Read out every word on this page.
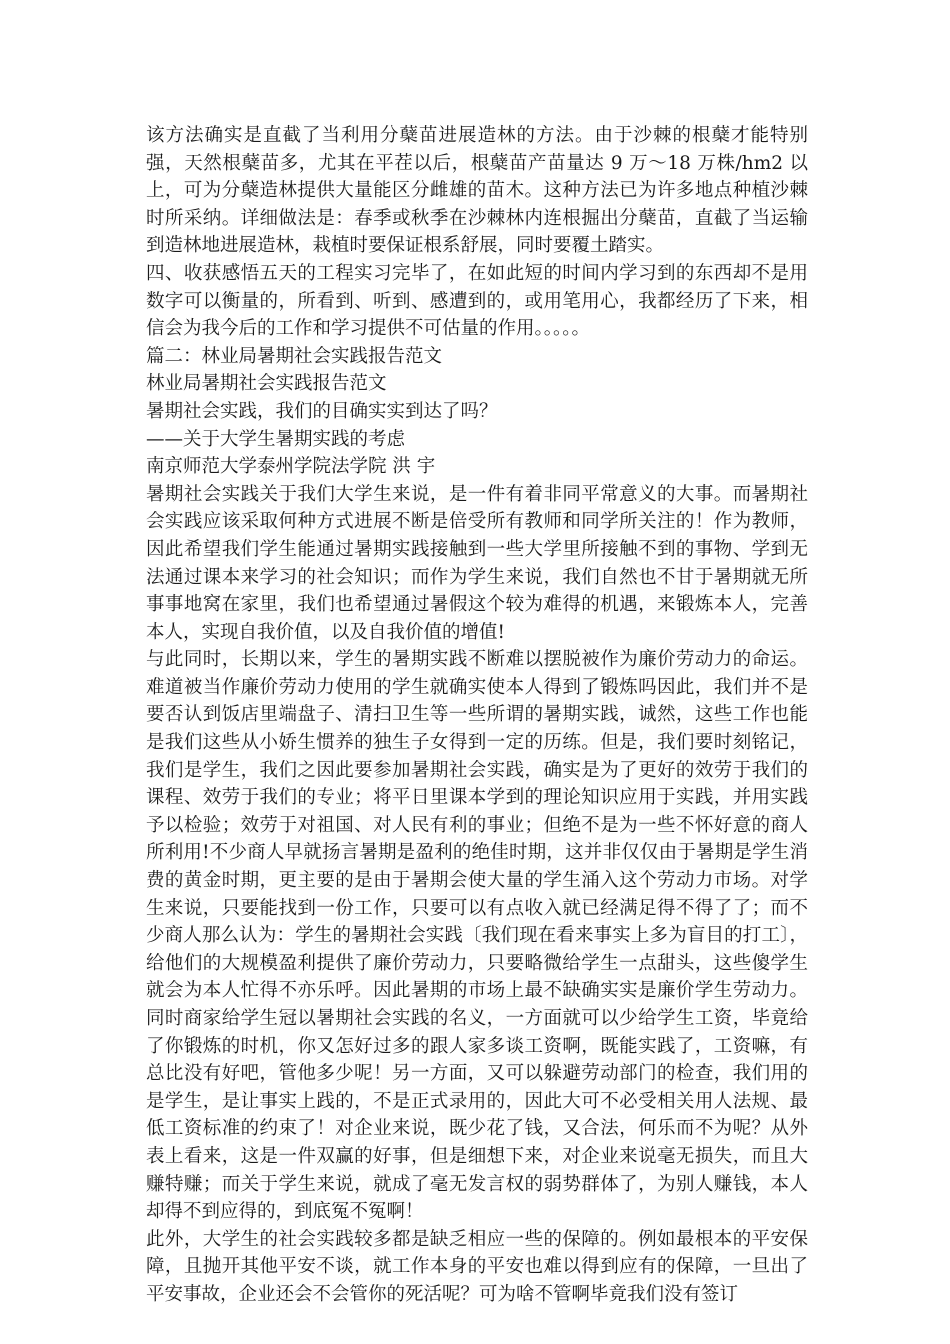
该方法确实是直截了当利用分蘖苗进展造林的方法。由于沙棘的根蘖才能特别强，天然根蘖苗多，尤其在平茬以后，根蘖苗产苗量达 9 万～18 万株/hm2 以上，可为分蘖造林提供大量能区分雌雄的苗木。这种方法已为许多地点种植沙棘时所采纳。详细做法是：春季或秋季在沙棘林内连根掘出分蘖苗，直截了当运输到造林地进展造林，栽植时要保证根系舒展，同时要覆土踏实。

四、收获感悟五天的工程实习完毕了，在如此短的时间内学习到的东西却不是用数字可以衡量的，所看到、听到、感遭到的，或用笔用心，我都经历了下来，相信会为我今后的工作和学习提供不可估量的作用。。。。。

篇二：林业局暑期社会实践报告范文

林业局暑期社会实践报告范文

暑期社会实践，我们的目确实实到达了吗？

——关于大学生暑期实践的考虑

南京师范大学泰州学院法学院 洪 宇

暑期社会实践关于我们大学生来说，是一件有着非同平常意义的大事。而暑期社会实践应该采取何种方式进展不断是倍受所有教师和同学所关注的！作为教师，因此希望我们学生能通过暑期实践接触到一些大学里所接触不到的事物、学到无法通过课本来学习的社会知识；而作为学生来说，我们自然也不甘于暑期就无所事事地窝在家里，我们也希望通过暑假这个较为难得的机遇，来锻炼本人，完善本人，实现自我价值，以及自我价值的增值!

与此同时，长期以来，学生的暑期实践不断难以摆脱被作为廉价劳动力的命运。难道被当作廉价劳动力使用的学生就确实使本人得到了锻炼吗因此，我们并不是要否认到饭店里端盘子、清扫卫生等一些所谓的暑期实践，诚然，这些工作也能是我们这些从小娇生惯养的独生子女得到一定的历练。但是，我们要时刻铭记，我们是学生，我们之因此要参加暑期社会实践，确实是为了更好的效劳于我们的课程、效劳于我们的专业；将平日里课本学到的理论知识应用于实践，并用实践予以检验；效劳于对祖国、对人民有利的事业；但绝不是为一些不怀好意的商人所利用!不少商人早就扬言暑期是盈利的绝佳时期，这并非仅仅由于暑期是学生消费的黄金时期，更主要的是由于暑期会使大量的学生涌入这个劳动力市场。对学生来说，只要能找到一份工作，只要可以有点收入就已经满足得不得了了；而不少商人那么认为：学生的暑期社会实践〔我们现在看来事实上多为盲目的打工〕，给他们的大规模盈利提供了廉价劳动力，只要略微给学生一点甜头，这些傻学生就会为本人忙得不亦乐呼。因此暑期的市场上最不缺确实实是廉价学生劳动力。同时商家给学生冠以暑期社会实践的名义，一方面就可以少给学生工资，毕竟给了你锻炼的时机，你又怎好过多的跟人家多谈工资啊，既能实践了，工资嘛，有总比没有好吧，管他多少呢！另一方面，又可以躲避劳动部门的检查，我们用的是学生，是让事实上践的，不是正式录用的，因此大可不必受相关用人法规、最低工资标准的约束了！对企业来说，既少花了钱，又合法，何乐而不为呢？从外表上看来，这是一件双赢的好事，但是细想下来，对企业来说毫无损失，而且大赚特赚；而关于学生来说，就成了毫无发言权的弱势群体了，为别人赚钱，本人却得不到应得的，到底冤不冤啊！

此外，大学生的社会实践较多都是缺乏相应一些的保障的。例如最根本的平安保障，且抛开其他平安不谈，就工作本身的平安也难以得到应有的保障，一旦出了平安事故，企业还会不会管你的死活呢？可为啥不管啊毕竟我们没有签订
